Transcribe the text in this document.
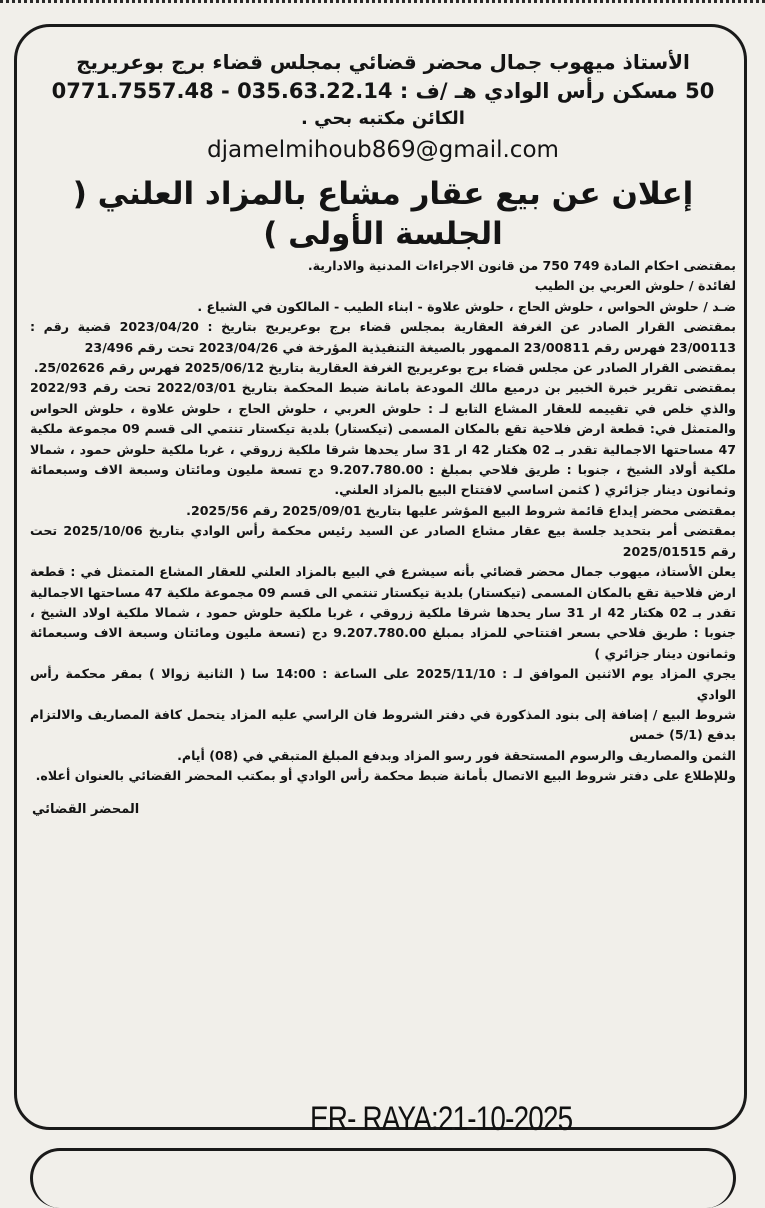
الأستاذ ميهوب جمال محضر قضائي بمجلس قضاء برج بوعريريج
50 مسكن رأس الوادي هـ /ف : 035.63.22.14 - 0771.7557.48
الكائن مكتبه بحي .
djamelmihoub869@gmail.com
إعلان عن بيع عقار مشاع بالمزاد العلني ( الجلسة الأولى )

بمقتضى احكام المادة 749 750 من قانون الاجراءات المدنية والادارية.

لفائدة / حلوش العربي بن الطيب

ضـد / حلوش الحواس ، حلوش الحاج ، حلوش علاوة - ابناء الطيب - المالكون في الشياع .

بمقتضى القرار الصادر عن الغرفة العقارية بمجلس قضاء برج بوعريريج بتاريخ : 2023/04/20 قضية رقم : 23/00113 فهرس رقم 23/00811 الممهور بالصيغة التنفيذية المؤرخة في 2023/04/26 تحت رقم 23/496

بمقتضى القرار الصادر عن مجلس قضاء برج بوعريريج الغرفة العقارية بتاريخ 2025/06/12 فهرس رقم 25/02626.

بمقتضى تقرير خبرة الخبير بن درميع مالك المودعة بامانة ضبط المحكمة بتاريخ 2022/03/01 تحت رقم 2022/93 والذي خلص في تقييمه للعقار المشاع التابع لـ : حلوش العربي ، حلوش الحاج ، حلوش علاوة ، حلوش الحواس والمتمثل في: قطعة ارض فلاحية تقع بالمكان المسمى (تيكستار) بلدية تيكستار تنتمي الى قسم 09 مجموعة ملكية 47 مساحتها الاجمالية تقدر بـ 02 هكتار 42 ار 31 سار يحدها شرقا ملكية زروقي ، غربا ملكية حلوش حمود ، شمالا ملكية أولاد الشيخ ، جنوبا : طريق فلاحي بمبلغ : 9.207.780.00 دج تسعة مليون ومائتان وسبعة الاف وسبعمائة وثمانون دينار جزائري ( كثمن اساسي لافتتاح البيع بالمزاد العلني.

بمقتضى محضر إيداع قائمة شروط البيع المؤشر عليها بتاريخ 2025/09/01 رقم 2025/56.

بمقتضى أمر بتحديد جلسة بيع عقار مشاع الصادر عن السيد رئيس محكمة رأس الوادي بتاريخ 2025/10/06 تحت رقم 2025/01515

يعلن الأستاذ، ميهوب جمال محضر قضائي بأنه سيشرع في البيع بالمزاد العلني للعقار المشاع المتمثل في : قطعة ارض فلاحية تقع بالمكان المسمى (تيكستار) بلدية تيكستار تنتمي الى قسم 09 مجموعة ملكية 47 مساحتها الاجمالية تقدر بـ 02 هكتار 42 ار 31 سار يحدها شرقا ملكية زروقي ، غربا ملكية حلوش حمود ، شمالا ملكية اولاد الشيخ ، جنوبا : طريق فلاحي بسعر افتتاحي للمزاد بمبلغ 9.207.780.00 دج (تسعة مليون ومائتان وسبعة الاف وسبعمائة وثمانون دينار جزائري )

يجري المزاد يوم الاثنين الموافق لـ : 2025/11/10 على الساعة : 14:00 سا ( الثانية زوالا ) بمقر محكمة رأس الوادي

شروط البيع / إضافة إلى بنود المذكورة في دفتر الشروط فان الراسي عليه المزاد يتحمل كافة المصاريف والالتزام بدفع (5/1) خمس

الثمن والمصاريف والرسوم المستحقة فور رسو المزاد وبدفع المبلغ المتبقي في (08) أيام.

وللإطلاع على دفتر شروط البيع الاتصال بأمانة ضبط محكمة رأس الوادي أو بمكتب المحضر القضائي بالعنوان أعلاه.

المحضر القضائي
ER- RAYA:21-10-2025
